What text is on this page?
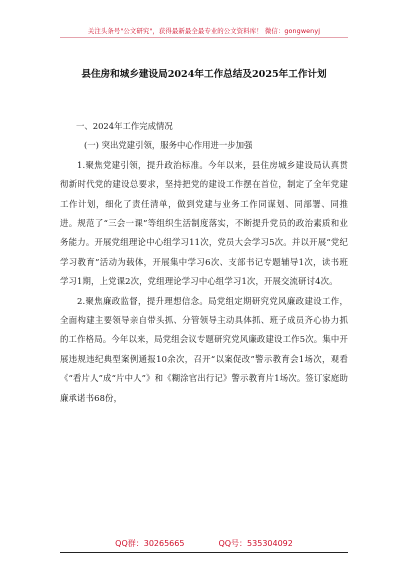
关注头条号"公文研究"，获得最新最全最专业的公文资料库！ 微信：gongwenyj
县住房和城乡建设局2024年工作总结及2025年工作计划
一、2024年工作完成情况
(一) 突出党建引领，服务中心作用进一步加强

1.聚焦党建引领，提升政治标准。今年以来，县住房城乡建设局认真贯彻新时代党的建设总要求，坚持把党的建设工作摆在首位，制定了全年党建工作计划，细化了责任清单，做到党建与业务工作同谋划、同部署、同推进。规范了“三会一课”等组织生活制度落实，不断提升党员的政治素质和业务能力。开展党组理论中心组学习11次，党员大会学习5次。并以开展“党纪学习教育”活动为载体，开展集中学习6次、支部书记专题辅导1次，读书班学习1期，上党课2次，党组理论学习中心组学习1次，开展交流研讨4次。

2.聚焦廉政监督，提升理想信念。局党组定期研究党风廉政建设工作，全面构建主要领导亲自带头抓、分管领导主动具体抓、班子成员齐心协力抓的工作格局。今年以来，局党组会议专题研究党风廉政建设工作5次。集中开展违规违纪典型案例通报10余次，召开“以案促改”警示教育会1场次，观看《“看片人”成“片中人”》和《糊涂官出行记》警示教育片1场次。签订家庭助廉承诺书68份，

QQ群：30265665	QQ号：535304092
